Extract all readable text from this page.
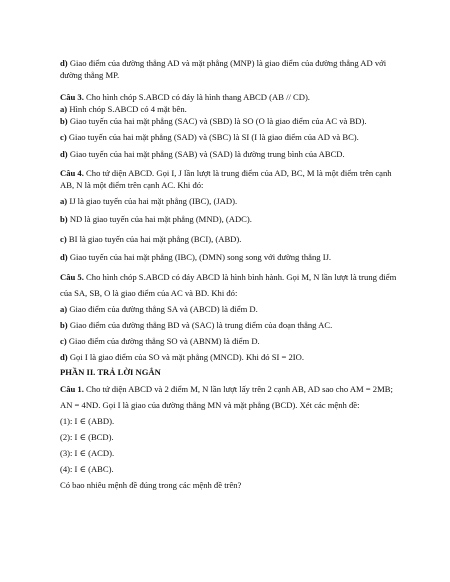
d) Giao điểm của đường thẳng AD và mặt phẳng (MNP) là giao điểm của đường thẳng AD với
đường thẳng MP.
Câu 3. Cho hình chóp S.ABCD có đáy là hình thang ABCD (AB // CD).
a) Hình chóp S.ABCD có 4 mặt bên.
b) Giao tuyến của hai mặt phẳng (SAC) và (SBD) là SO (O là giao điểm của AC và BD).
c) Giao tuyến của hai mặt phẳng (SAD) và (SBC) là SI (I là giao điểm của AD và BC).
d) Giao tuyến của hai mặt phẳng (SAB) và (SAD) là đường trung bình của ABCD.
Câu 4. Cho tứ diện ABCD. Gọi I, J lần lượt là trung điểm của AD, BC, M là một điểm trên cạnh
AB, N là một điểm trên cạnh AC. Khi đó:
a) IJ là giao tuyến của hai mặt phẳng (IBC), (JAD).
b) ND là giao tuyến của hai mặt phẳng (MND), (ADC).
c) BI là giao tuyến của hai mặt phẳng (BCI), (ABD).
d) Giao tuyến của hai mặt phẳng (IBC), (DMN) song song với đường thẳng IJ.
Câu 5. Cho hình chóp S.ABCD có đáy ABCD là hình bình hành. Gọi M, N lần lượt là trung điểm
của SA, SB, O là giao điểm của AC và BD. Khi đó:
a) Giao điểm của đường thẳng SA và (ABCD) là điểm D.
b) Giao điểm của đường thẳng BD và (SAC) là trung điểm của đoạn thẳng AC.
c) Giao điểm của đường thẳng SO và (ABNM) là điểm D.
d) Gọi I là giao điểm của SO và mặt phẳng (MNCD). Khi đó SI = 2IO.
PHẦN II. TRẢ LỜI NGẮN
Câu 1. Cho tứ diện ABCD và 2 điểm M, N lần lượt lấy trên 2 cạnh AB, AD sao cho AM = 2MB;
AN = 4ND. Gọi I là giao của đường thẳng MN và mặt phẳng (BCD). Xét các mệnh đề:
(1): I ∈ (ABD).
(2): I ∈ (BCD).
(3): I ∈ (ACD).
(4): I ∈ (ABC).
Có bao nhiêu mệnh đề đúng trong các mệnh đề trên?
